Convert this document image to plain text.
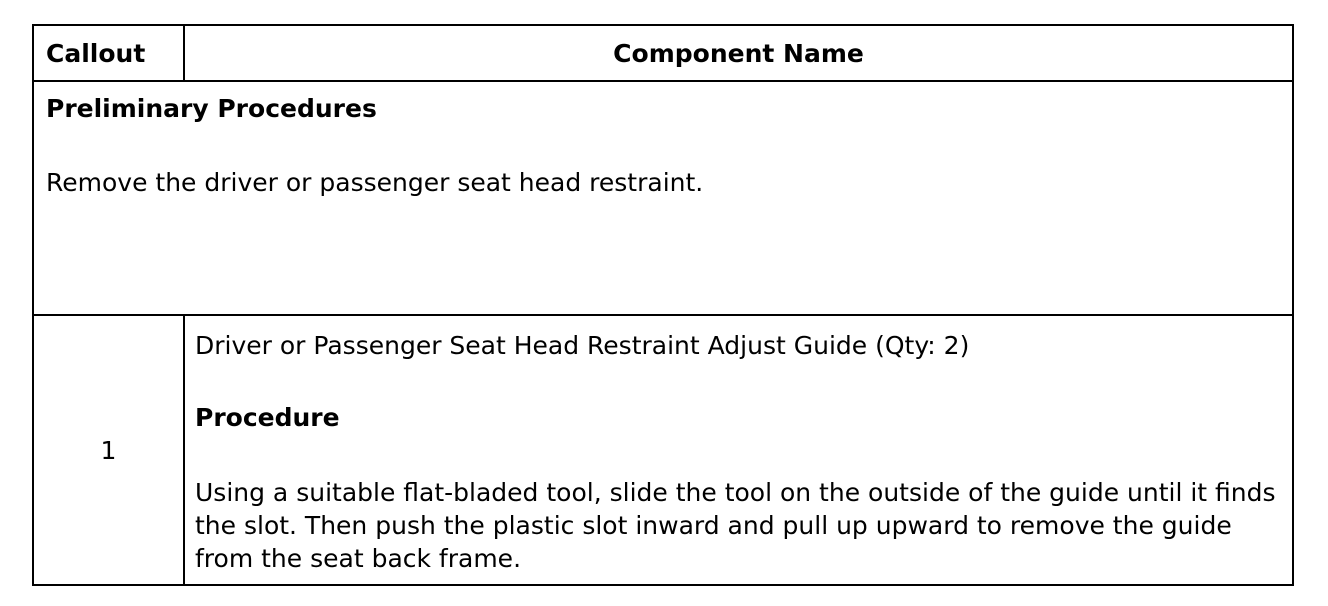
Callout	Component Name

Preliminary Procedures

Remove the driver or passenger seat head restraint.	

1	Driver or Passenger Seat Head Restraint Adjust Guide (Qty: 2)

Procedure

Using a suitable flat-bladed tool, slide the tool on the outside of the guide until it finds the slot. Then push the plastic slot inward and pull up upward to remove the guide from the seat back frame.
